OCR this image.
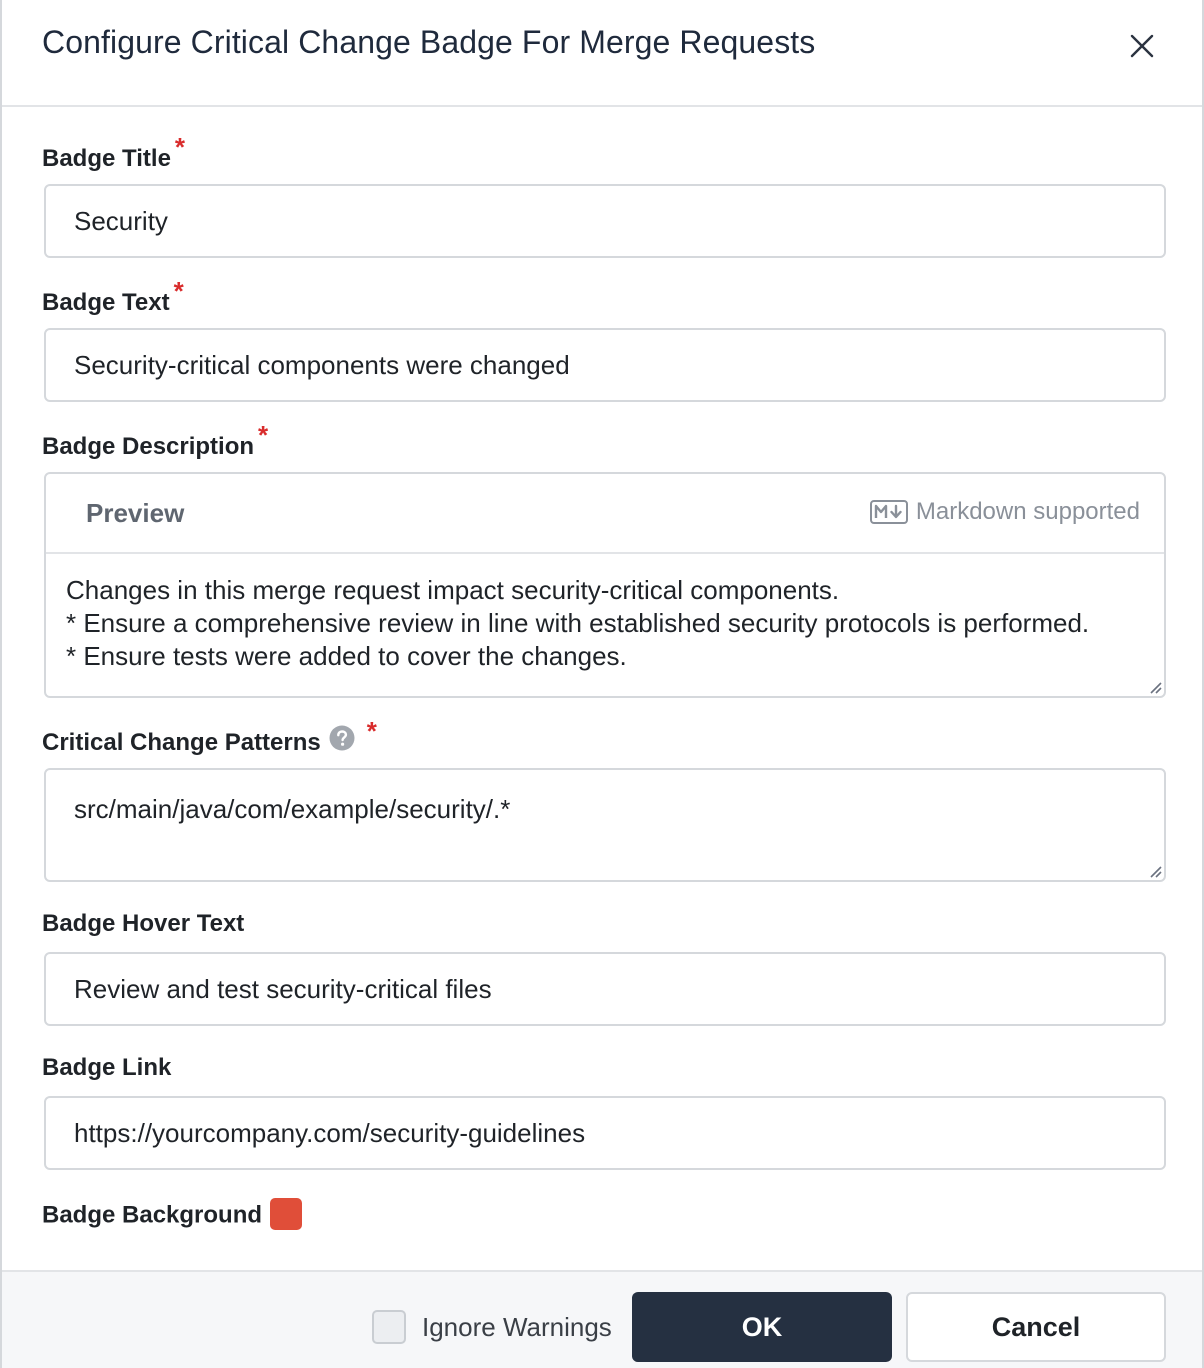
Configure Critical Change Badge For Merge Requests
Badge Title *
Security
Badge Text *
Security-critical components were changed
Badge Description *
Preview	Markdown supported
Changes in this merge request impact security-critical components.
* Ensure a comprehensive review in line with established security protocols is performed.
* Ensure tests were added to cover the changes.
Critical Change Patterns *
src/main/java/com/example/security/.*
Badge Hover Text
Review and test security-critical files
Badge Link
https://yourcompany.com/security-guidelines
Badge Background
Ignore Warnings	OK	Cancel
